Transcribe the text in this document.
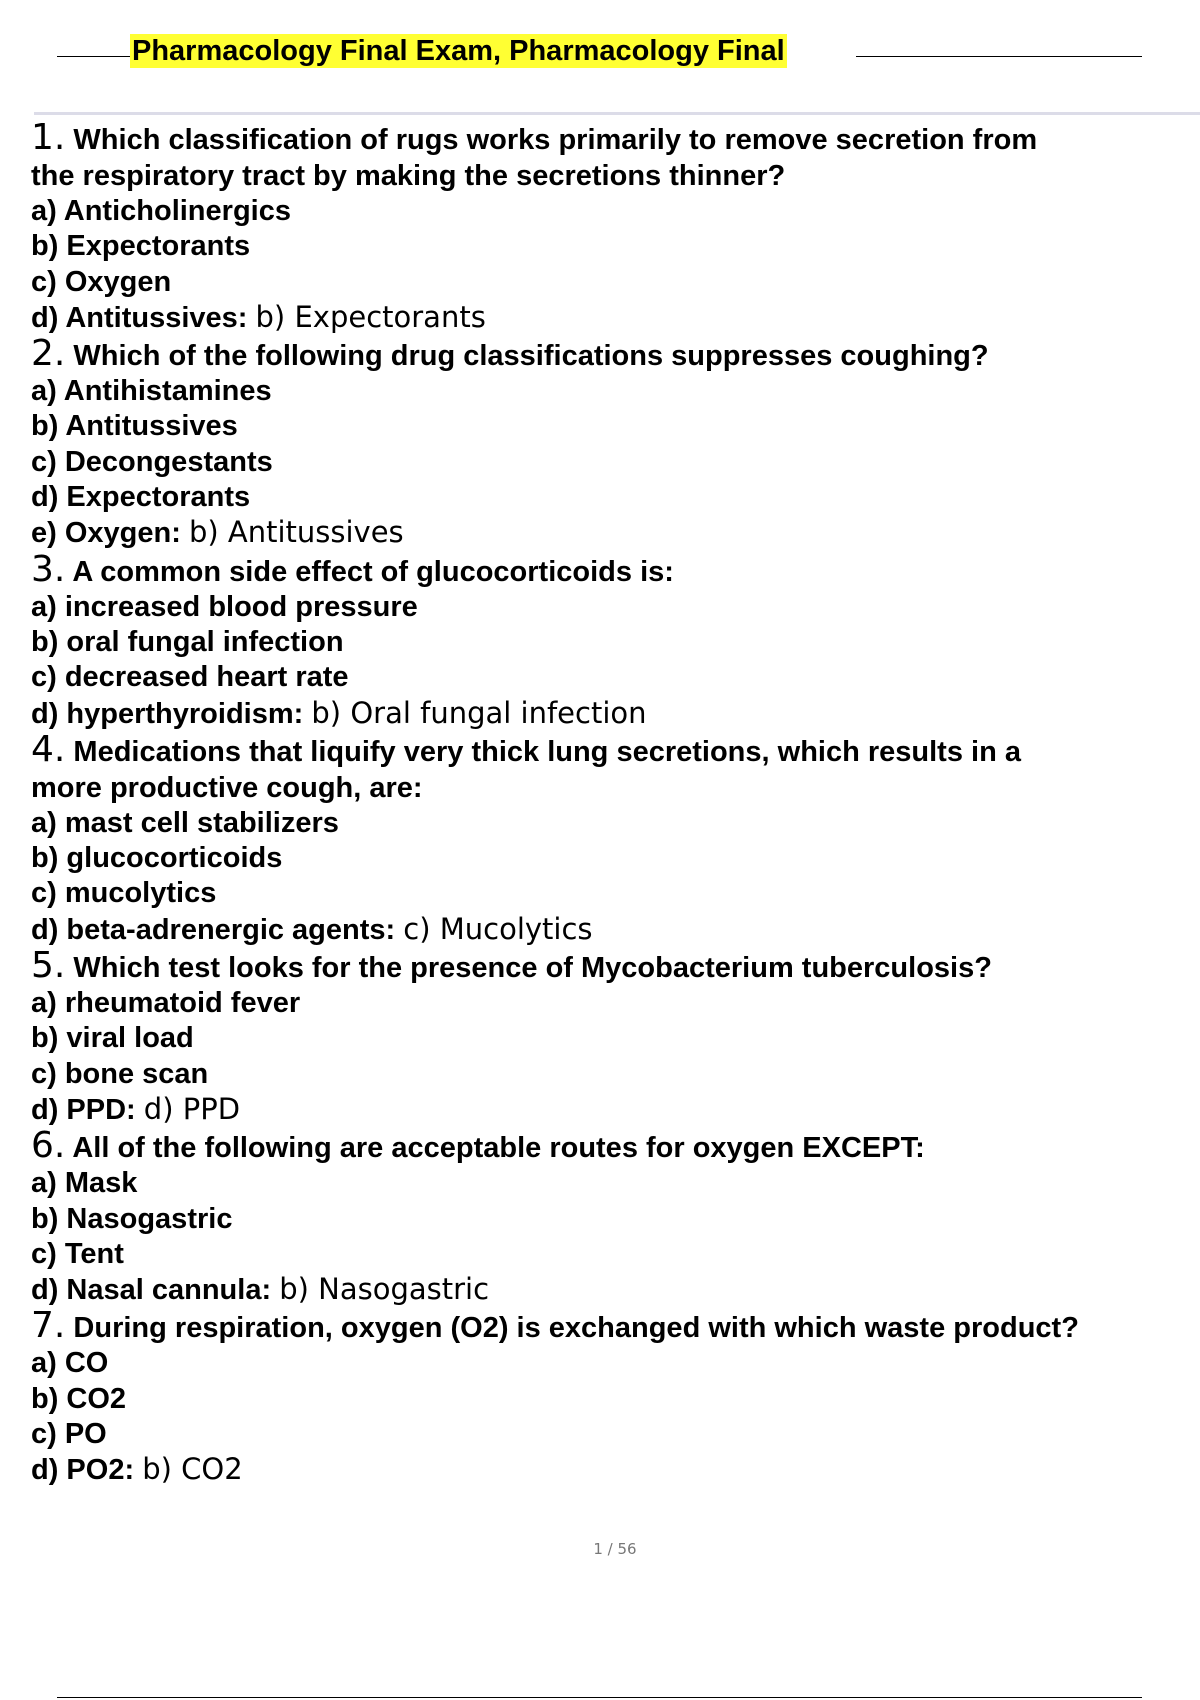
Pharmacology Final Exam, Pharmacology Final
1. Which classification of rugs works primarily to remove secretion from
the respiratory tract by making the secretions thinner?
a) Anticholinergics
b) Expectorants
c) Oxygen
d) Antitussives: b) Expectorants
2. Which of the following drug classifications suppresses coughing?
a) Antihistamines
b) Antitussives
c) Decongestants
d) Expectorants
e) Oxygen: b) Antitussives
3. A common side effect of glucocorticoids is:
a) increased blood pressure
b) oral fungal infection
c) decreased heart rate
d) hyperthyroidism: b) Oral fungal infection
4. Medications that liquify very thick lung secretions, which results in a
more productive cough, are:
a) mast cell stabilizers
b) glucocorticoids
c) mucolytics
d) beta-adrenergic agents: c) Mucolytics
5. Which test looks for the presence of Mycobacterium tuberculosis?
a) rheumatoid fever
b) viral load
c) bone scan
d) PPD: d) PPD
6. All of the following are acceptable routes for oxygen EXCEPT:
a) Mask
b) Nasogastric
c) Tent
d) Nasal cannula: b) Nasogastric
7. During respiration, oxygen (O2) is exchanged with which waste product?
a) CO
b) CO2
c) PO
d) PO2: b) CO2
1 / 56
